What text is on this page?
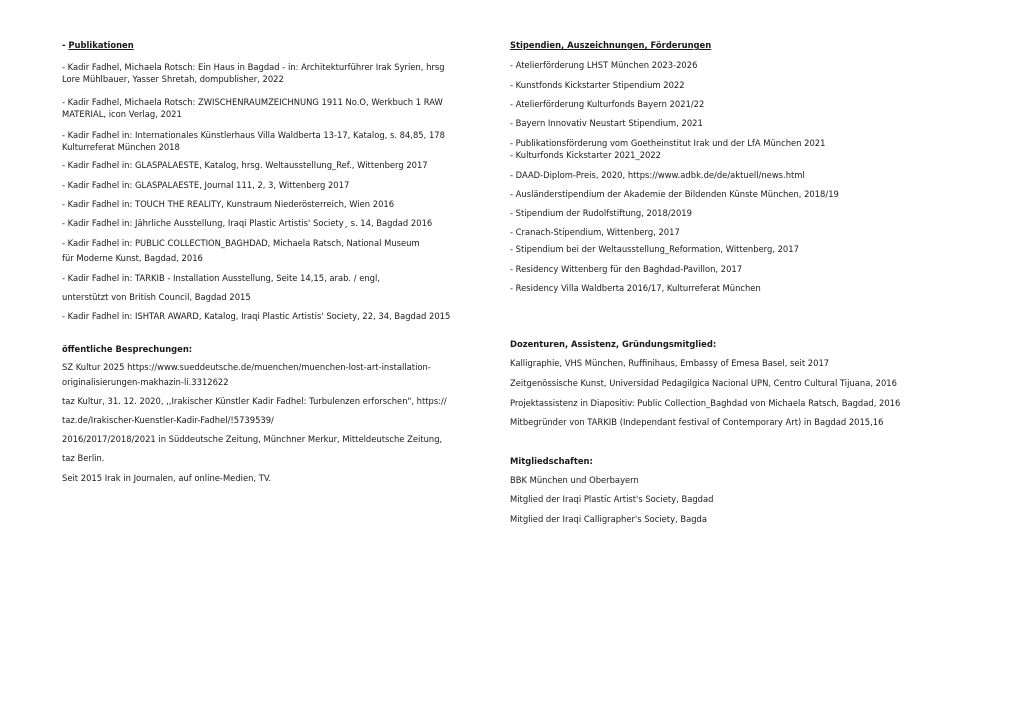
- Publikationen
- Kadir Fadhel, Michaela Rotsch: Ein Haus in Bagdad - in: Architekturführer Irak Syrien, hrsg
Lore Mühlbauer, Yasser Shretah, dompublisher, 2022
- Kadir Fadhel, Michaela Rotsch: ZWISCHENRAUMZEICHNUNG 1911 No.O, Werkbuch 1 RAW
MATERIAL, icon Verlag, 2021
- Kadir Fadhel in: Internationales Künstlerhaus Villa Waldberta 13-17, Katalog, s. 84,85, 178
Kulturreferat München 2018
- Kadir Fadhel in: GLASPALAESTE, Katalog, hrsg. Weltausstellung_Ref., Wittenberg 2017
- Kadir Fadhel in: GLASPALAESTE, Journal 111, 2, 3, Wittenberg 2017
- Kadir Fadhel in: TOUCH THE REALITY, Kunstraum Niederösterreich, Wien 2016
- Kadir Fadhel in: Jährliche Ausstellung, Iraqi Plastic Artistis' Society¸ s. 14, Bagdad 2016
- Kadir Fadhel in: PUBLIC COLLECTION_BAGHDAD, Michaela Ratsch, National Museum
für Moderne Kunst, Bagdad, 2016
- Kadir Fadhel in: TARKIB - Installation Ausstellung, Seite 14,15, arab. / engl,
unterstützt von British Council, Bagdad 2015
- Kadir Fadhel in: ISHTAR AWARD, Katalog, Iraqi Plastic Artistis' Society, 22, 34, Bagdad 2015
öffentliche Besprechungen:
SZ Kultur 2025 https://www.sueddeutsche.de/muenchen/muenchen-lost-art-installation-
originalisierungen-makhazin-li.3312622
taz Kultur, 31. 12. 2020, ,,Irakischer Künstler Kadir Fadhel: Turbulenzen erforschen", https://
taz.de/Irakischer-Kuenstler-Kadir-Fadhel/!5739539/
2016/2017/2018/2021 in Süddeutsche Zeitung, Münchner Merkur, Mitteldeutsche Zeitung,
taz Berlin.
Seit 2015 Irak in Journalen, auf online-Medien, TV.
Stipendien, Auszeichnungen, Förderungen
- Atelierförderung LHST München 2023-2026
- Kunstfonds Kickstarter Stipendium 2022
- Atelierförderung Kulturfonds Bayern 2021/22
- Bayern Innovativ Neustart Stipendium, 2021
- Publikationsförderung vom Goetheinstitut Irak und der LfA München 2021
- Kulturfonds Kickstarter 2021_2022
- DAAD-Diplom-Preis, 2020, https://www.adbk.de/de/aktuell/news.html
- Ausländerstipendium der Akademie der Bildenden Künste München, 2018/19
- Stipendium der Rudolfstiftung, 2018/2019
- Cranach-Stipendium, Wittenberg, 2017
- Stipendium bei der Weltausstellung_Reformation, Wittenberg, 2017
- Residency Wittenberg für den Baghdad-Pavillon, 2017
- Residency Villa Waldberta 2016/17, Kulturreferat München
Dozenturen, Assistenz, Gründungsmitglied:
Kalligraphie, VHS München, Ruffinihaus, Embassy of Emesa Basel, seit 2017
Zeitgenössische Kunst, Universidad Pedagilgica Nacional UPN, Centro Cultural Tijuana, 2016
Projektassistenz in Diapositiv: Public Collection_Baghdad von Michaela Ratsch, Bagdad, 2016
Mitbegründer von TARKIB (Independant festival of Contemporary Art) in Bagdad 2015,16
Mitgliedschaften:
BBK München und Oberbayern
Mitglied der Iraqi Plastic Artist's Society, Bagdad
Mitglied der Iraqi Calligrapher's Society, Bagda
